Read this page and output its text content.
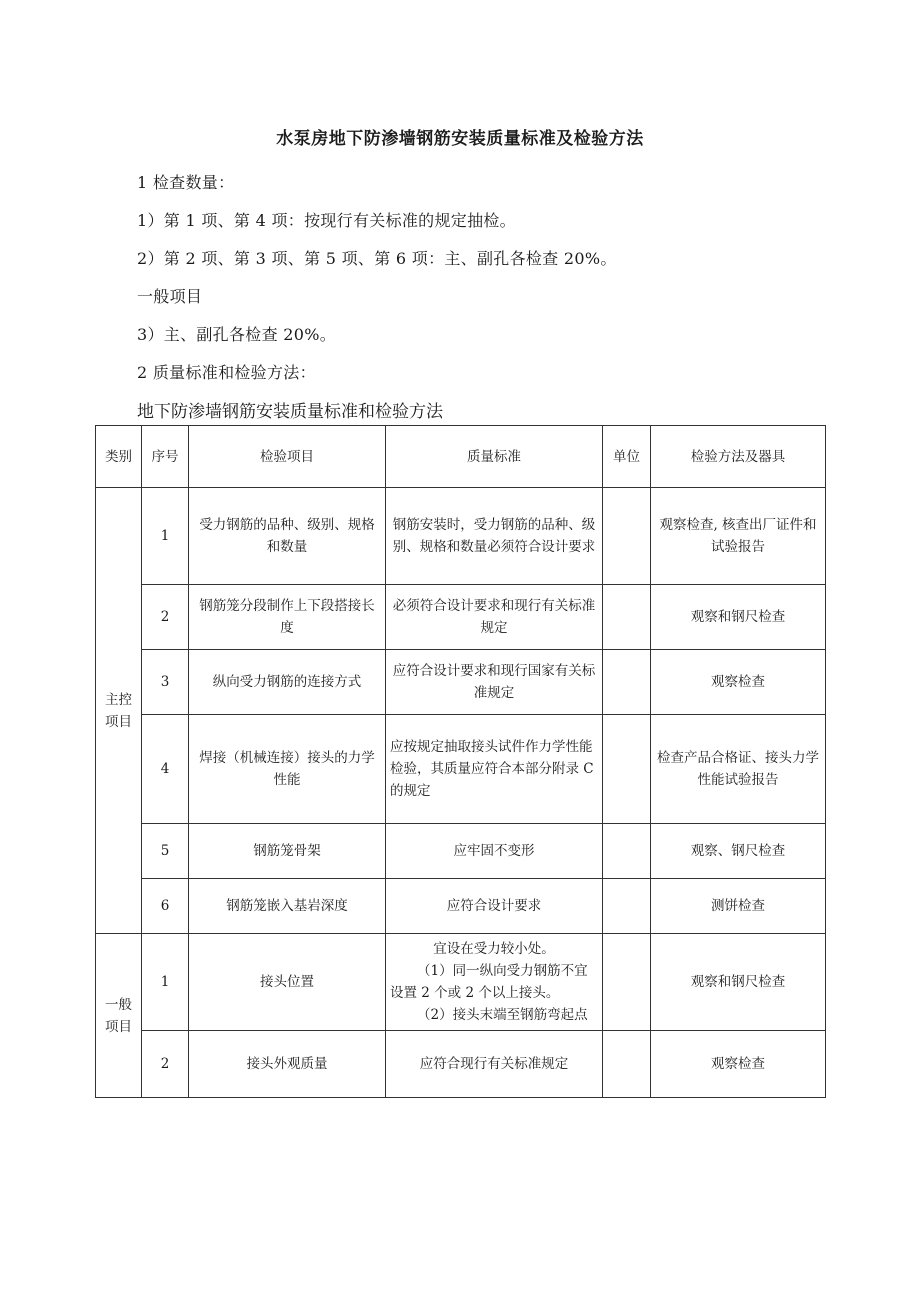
水泵房地下防渗墙钢筋安装质量标准及检验方法
1 检查数量：
1）第 1 项、第 4 项：按现行有关标准的规定抽检。
2）第 2 项、第 3 项、第 5 项、第 6 项：主、副孔各检查 20%。
一般项目
3）主、副孔各检查 20%。
2 质量标准和检验方法：
地下防渗墙钢筋安装质量标准和检验方法
类别	序号	检验项目	质量标准	单位	检验方法及器具
主控项目	1	受力钢筋的品种、级别、规格和数量	钢筋安装时，受力钢筋的品种、级别、规格和数量必须符合设计要求		观察检查, 核查出厂证件和试验报告
	2	钢筋笼分段制作上下段搭接长度	必须符合设计要求和现行有关标准规定		观察和钢尺检查
	3	纵向受力钢筋的连接方式	应符合设计要求和现行国家有关标准规定		观察检查
	4	焊接（机械连接）接头的力学性能	应按规定抽取接头试件作力学性能检验，其质量应符合本部分附录 C 的规定		检查产品合格证、接头力学性能试验报告
	5	钢筋笼骨架	应牢固不变形		观察、钢尺检查
	6	钢筋笼嵌入基岩深度	应符合设计要求		测饼检查
一般项目	1	接头位置	宜设在受力较小处。
（1）同一纵向受力钢筋不宜设置 2 个或 2 个以上接头。
（2）接头末端至钢筋弯起点		观察和钢尺检查
	2	接头外观质量	应符合现行有关标准规定		观察检查
